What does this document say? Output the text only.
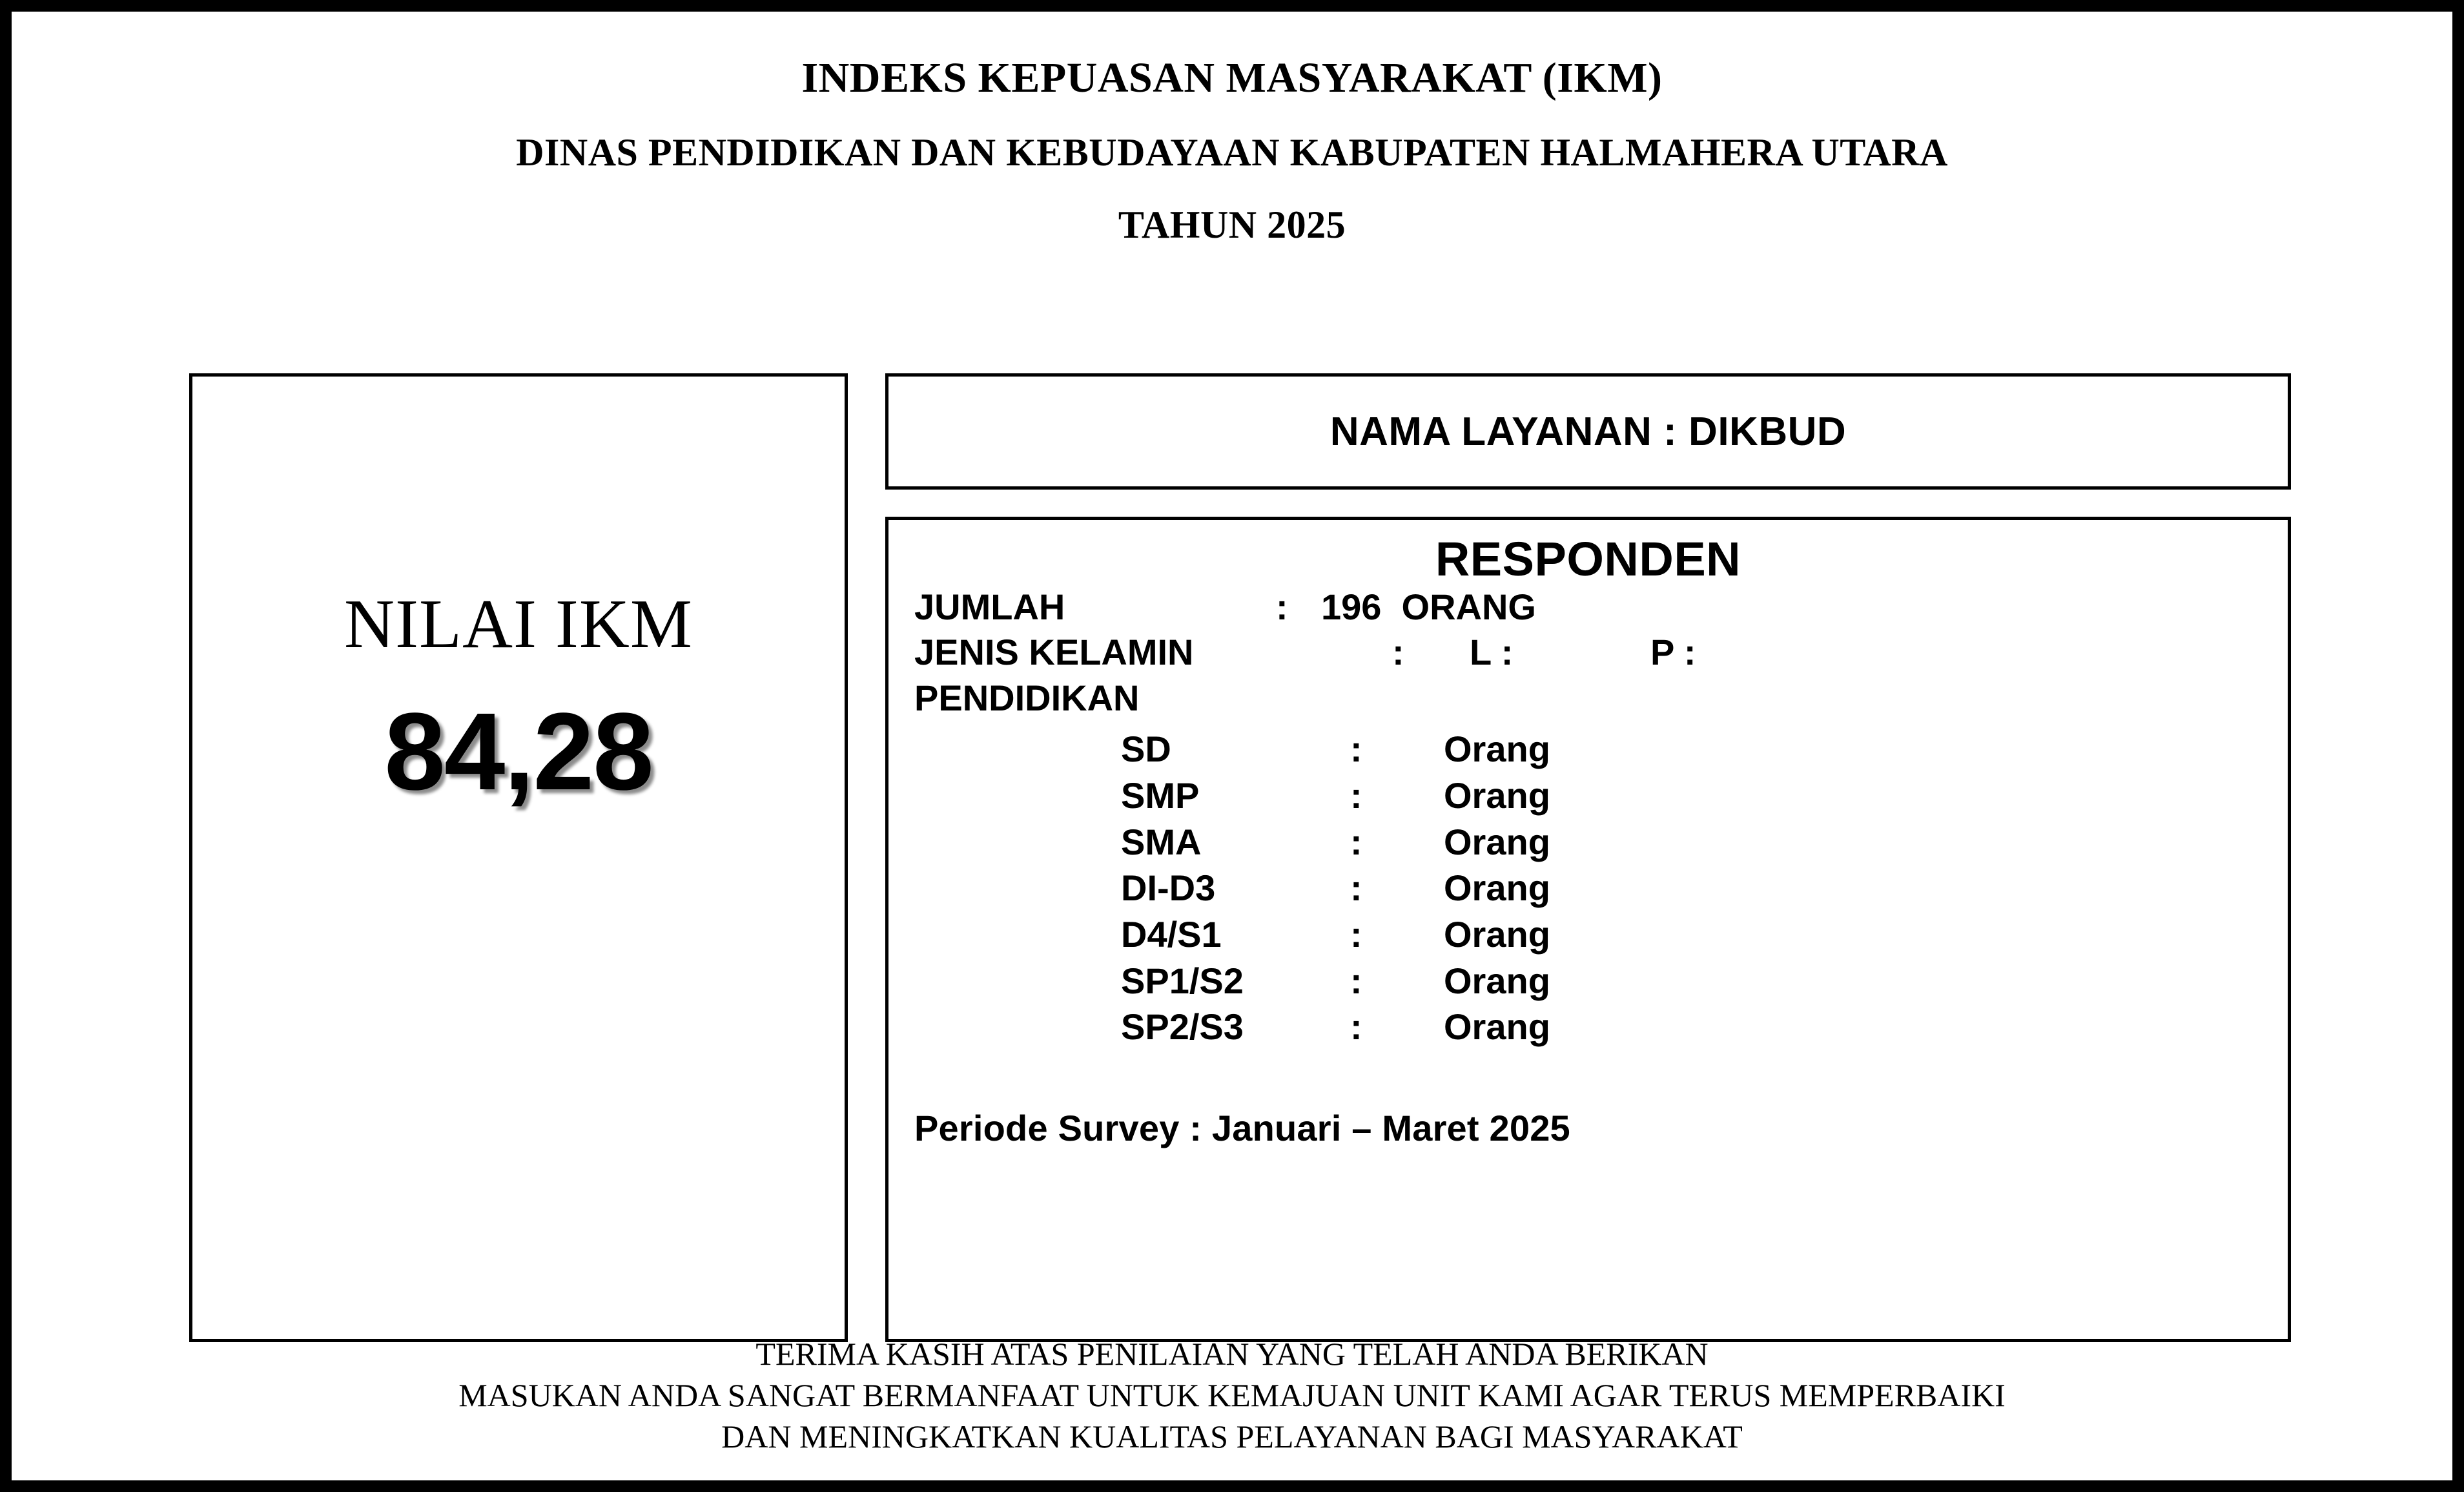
INDEKS KEPUASAN MASYARAKAT (IKM)
DINAS PENDIDIKAN DAN KEBUDAYAAN KABUPATEN HALMAHERA UTARA
TAHUN 2025
NILAI IKM
84,28
NAMA LAYANAN : DIKBUD
RESPONDEN
JUMLAH	: 196  ORANG
JENIS KELAMIN	:	L :	P :
PENDIDIKAN
SD	:	Orang
SMP	:	Orang
SMA	:	Orang
DI-D3	:	Orang
D4/S1	:	Orang
SP1/S2	:	Orang
SP2/S3	:	Orang
Periode Survey : Januari – Maret 2025
TERIMA KASIH ATAS PENILAIAN YANG TELAH ANDA BERIKAN
MASUKAN ANDA SANGAT BERMANFAAT UNTUK KEMAJUAN UNIT KAMI AGAR TERUS MEMPERBAIKI
DAN MENINGKATKAN KUALITAS PELAYANAN BAGI MASYARAKAT
